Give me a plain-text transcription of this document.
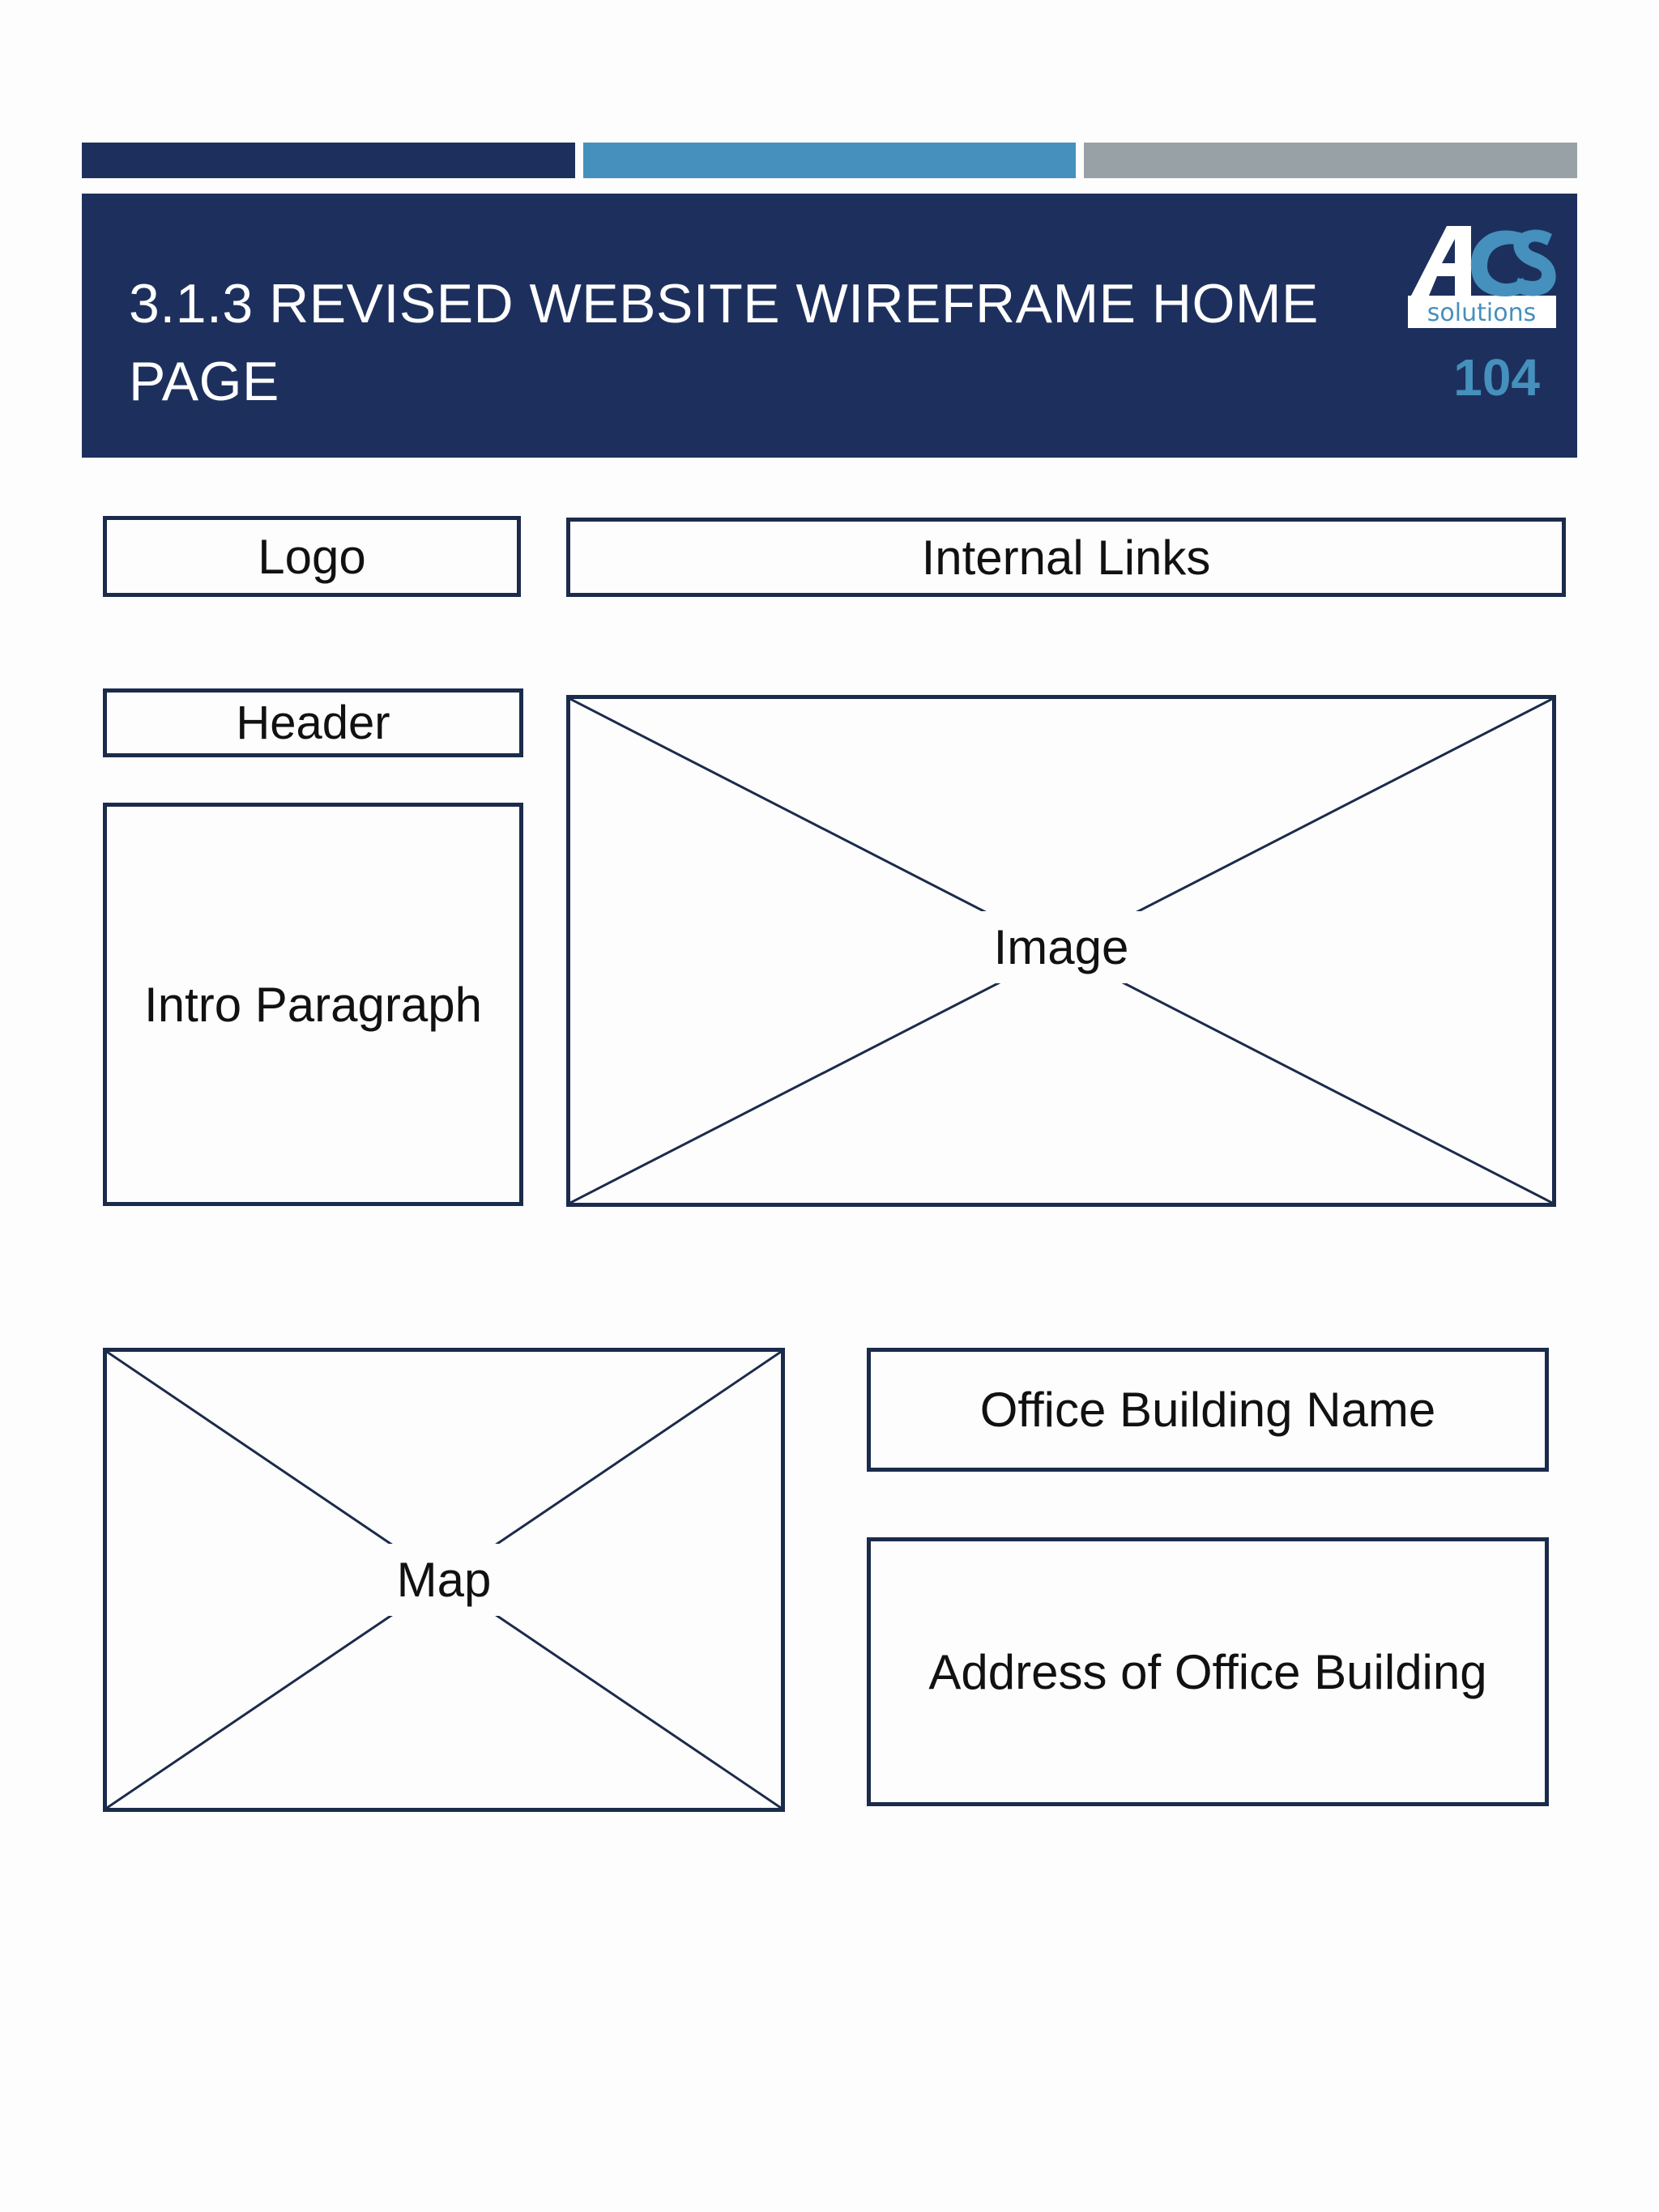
3.1.3 REVISED WEBSITE WIREFRAME HOME PAGE
solutions
104
Logo	Internal Links
Header
Intro Paragraph
Image
Map
Office Building Name
Address of Office Building
